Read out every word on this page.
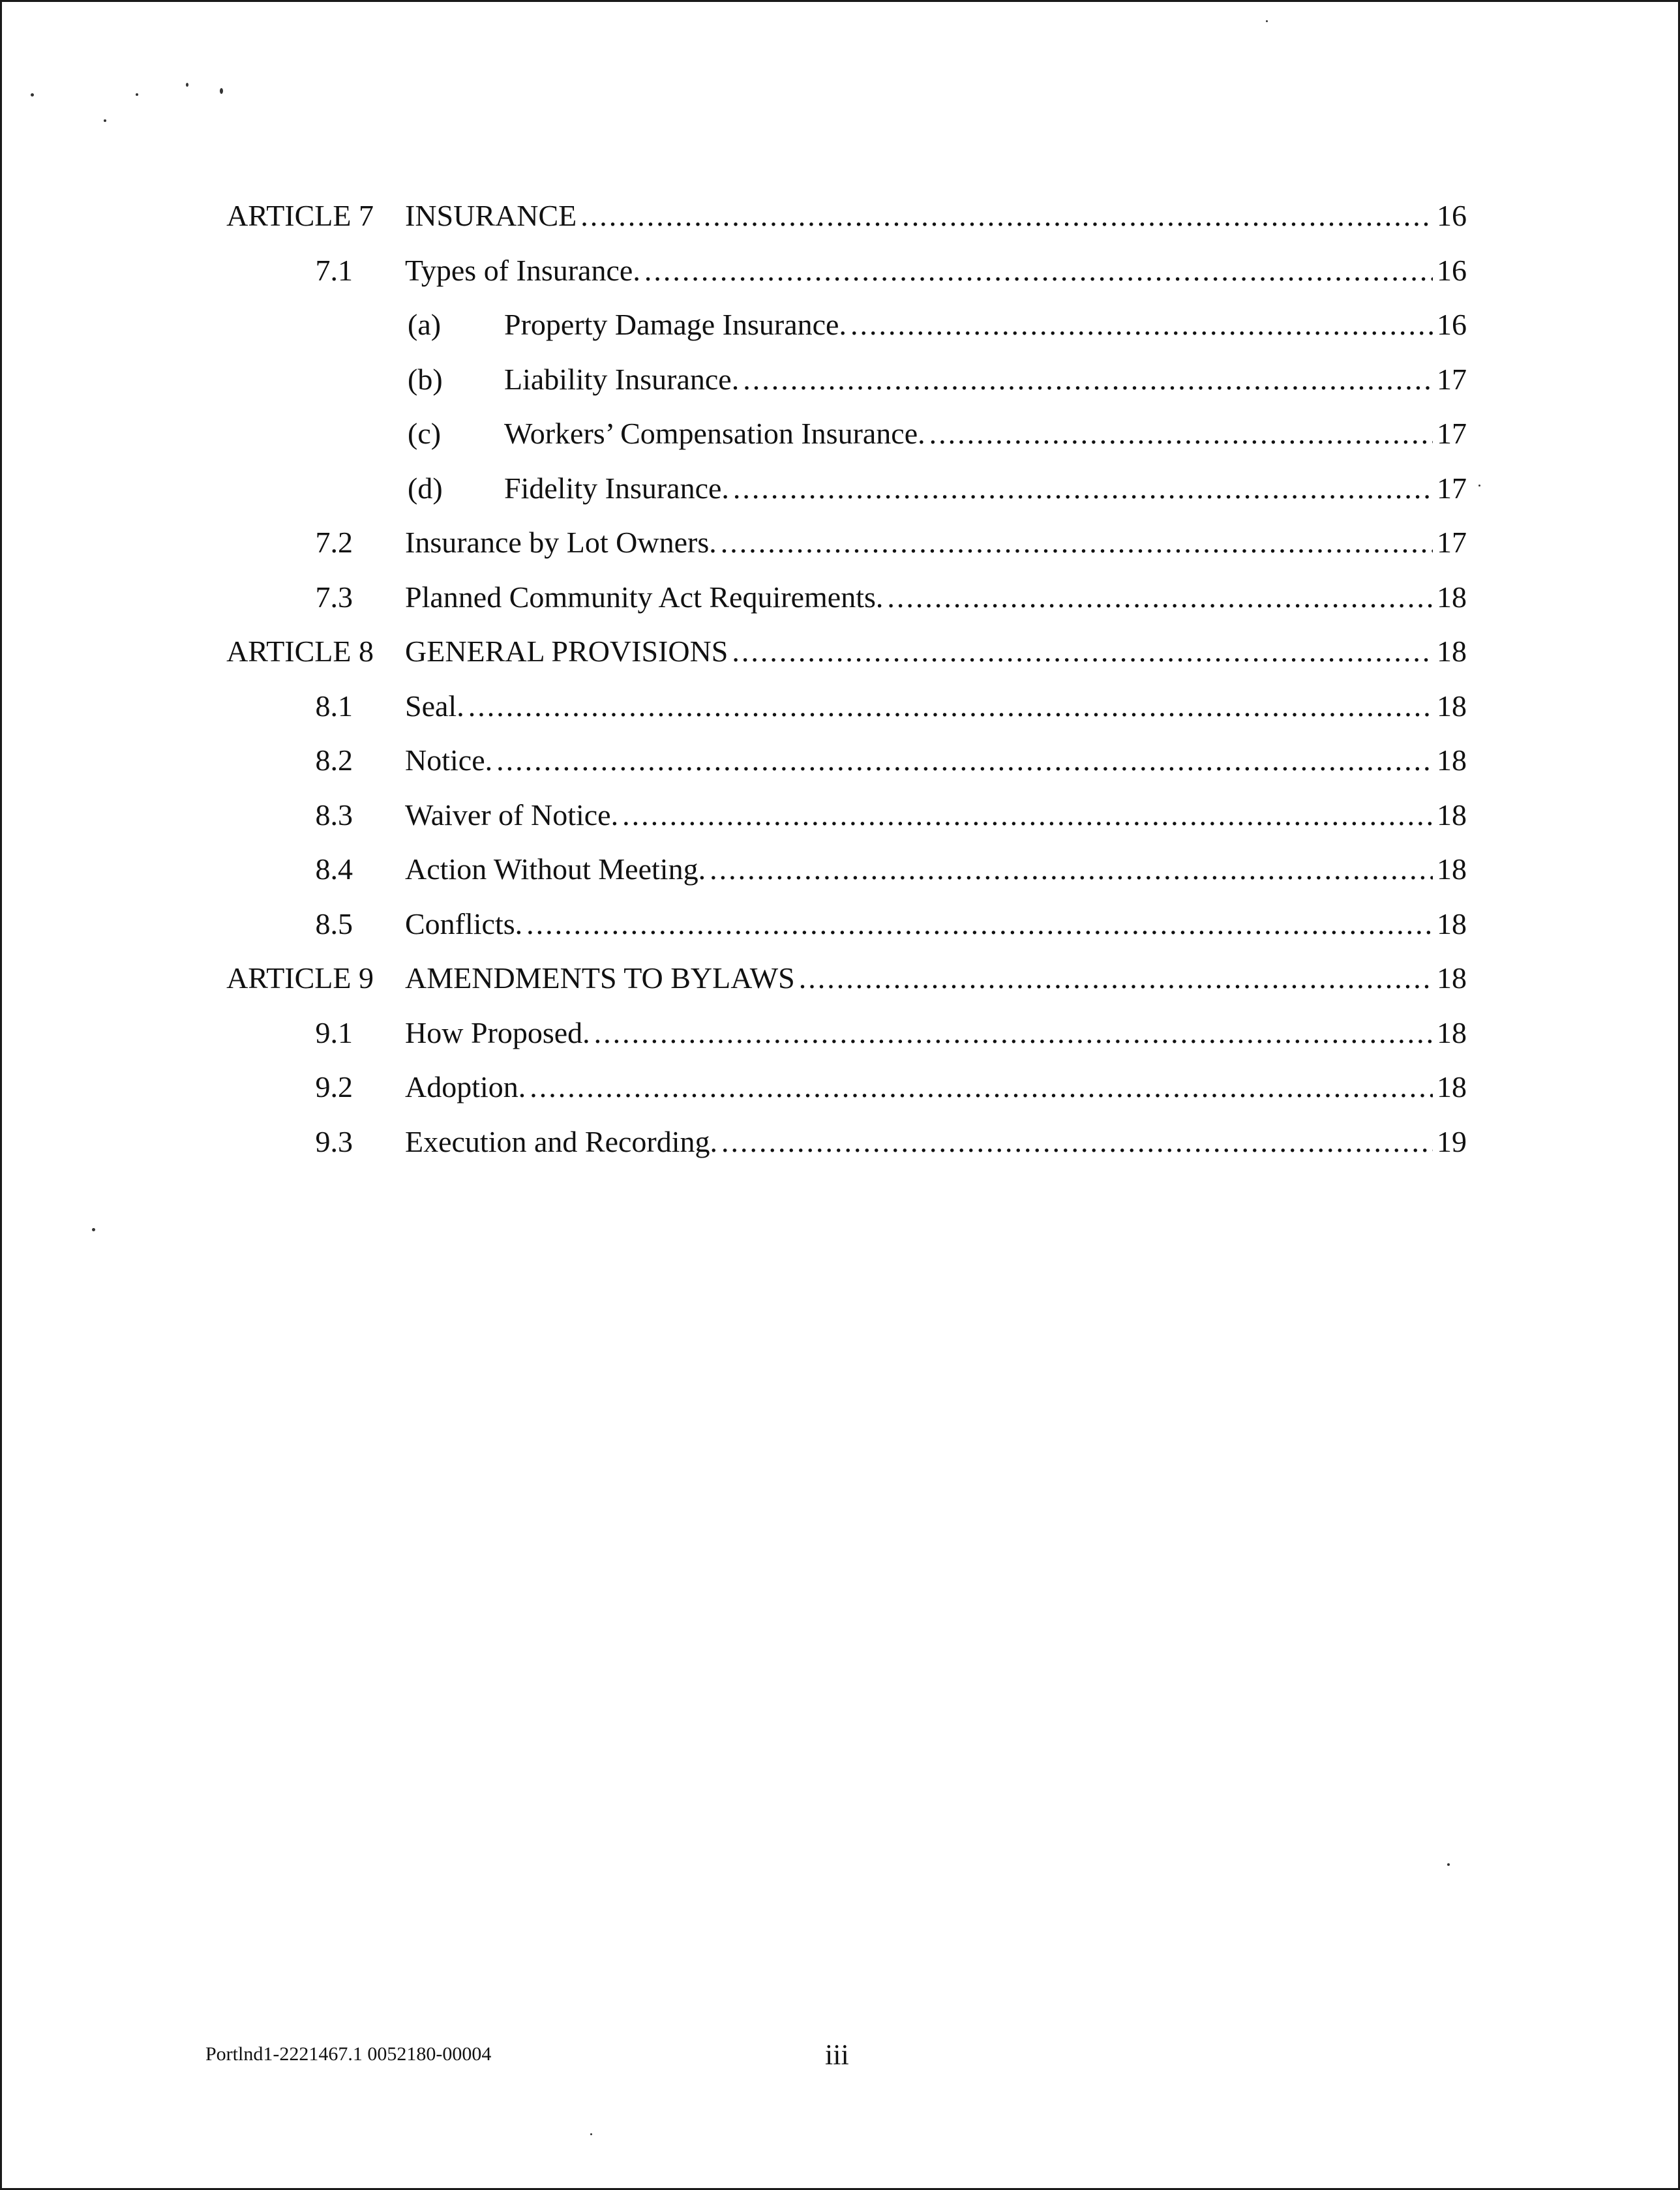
ARTICLE 7 INSURANCE .....	16
7.1 Types of Insurance. .....	16
(a) Property Damage Insurance. .....	16
(b) Liability Insurance. .....	17
(c) Workers’ Compensation Insurance. .....	17
(d) Fidelity Insurance. .....	17
7.2 Insurance by Lot Owners. .....	17
7.3 Planned Community Act Requirements. .....	18
ARTICLE 8 GENERAL PROVISIONS .....	18
8.1 Seal. .....	18
8.2 Notice. .....	18
8.3 Waiver of Notice. .....	18
8.4 Action Without Meeting. .....	18
8.5 Conflicts. .....	18
ARTICLE 9 AMENDMENTS TO BYLAWS .....	18
9.1 How Proposed. .....	18
9.2 Adoption. .....	18
9.3 Execution and Recording. .....	19
Portlnd1-2221467.1 0052180-00004	iii
